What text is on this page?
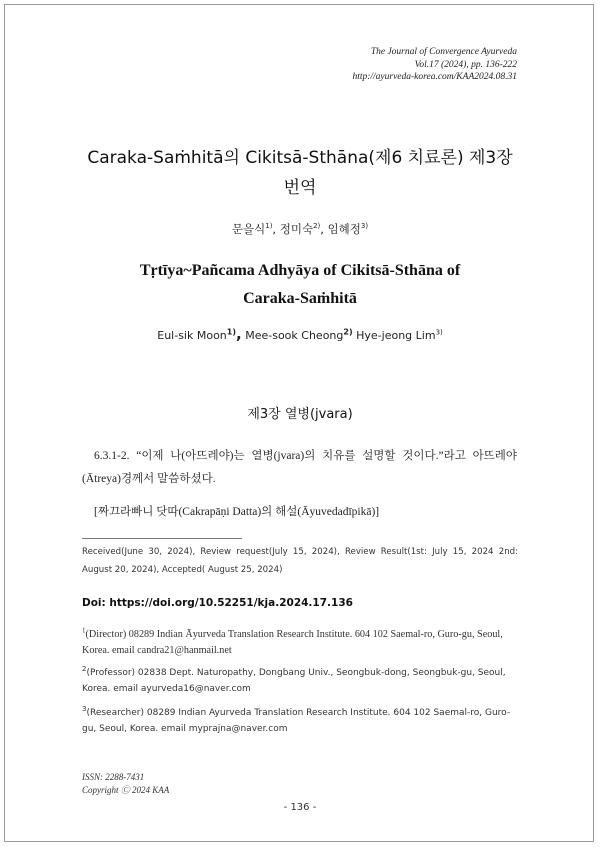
The Journal of Convergence Ayurveda
Vol.17 (2024), pp. 136-222
http://ayurveda-korea.com/KAA2024.08.31
Caraka-Saṁhitā의 Cikitsā-Sthāna(제6 치료론) 제3장
번역
문을식$^{1)}$, 정미숙$^{2)}$, 임혜정$^{3)}$
Tṛtīya~Pañcama Adhyāya of Cikitsā-Sthāna of
Caraka-Saṁhitā
Eul-sik Moon$^{1)}$, Mee-sook Cheong$^{2)}$ Hye-jeong Lim$^{3)}$
제3장 열병(jvara)
6.3.1-2. “이제 나(아뜨레야)는 열병(jvara)의 치유를 설명할 것이다.”라고 아뜨레야(Ātreya)경께서 말씀하셨다.
[짜끄라빠니 닷따(Cakrapāṇi Datta)의 해설(Āyuvedadīpikā)]
Received(June 30, 2024), Review request(July 15, 2024), Review Result(1st: July 15, 2024 2nd: August 20, 2024), Accepted( August 25, 2024)
Doi: https://doi.org/10.52251/kja.2024.17.136
$^1$(Director) 08289 Indian Āyurveda Translation Research Institute. 604 102 Saemal-ro, Guro-gu, Seoul, Korea. email candra21@hanmail.net
$^2$(Professor) 02838 Dept. Naturopathy, Dongbang Univ., Seongbuk-dong, Seongbuk-gu, Seoul, Korea. email ayurveda16@naver.com
$^3$(Researcher) 08289 Indian Ayurveda Translation Research Institute. 604 102 Saemal-ro, Guro-gu, Seoul, Korea. email myprajna@naver.com
ISSN: 2288-7431
Copyright Ⓒ 2024 KAA
- 136 -
